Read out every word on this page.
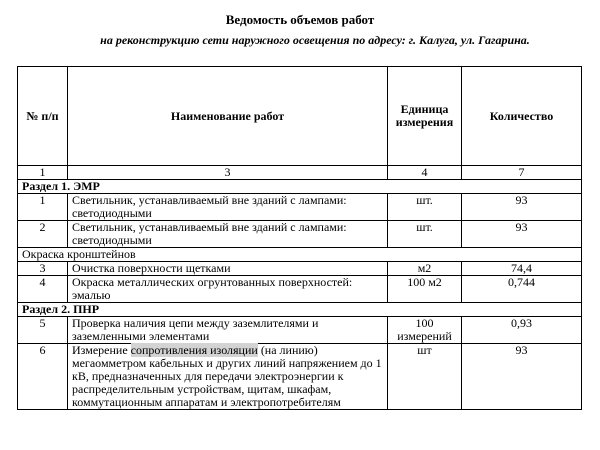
Ведомость объемов работ
на реконструкцию сети наружного освещения по адресу: г. Калуга, ул. Гагарина.
№ п/п	Наименование работ	Единица измерения	Количество
1	3	4	7
Раздел 1. ЭМР			
1	Светильник, устанавливаемый вне зданий с лампами: светодиодными	шт.	93
2	Светильник, устанавливаемый вне зданий с лампами: светодиодными	шт.	93
Окраска кронштейнов			
3	Очистка поверхности щетками	м2	74,4
4	Окраска металлических огрунтованных поверхностей: эмалью	100 м2	0,744
Раздел 2. ПНР			
5	Проверка наличия цепи между заземлителями и заземленными элементами	100 измерений	0,93
6	Измерение сопротивления изоляции (на линию) мегаомметром кабельных и других линий напряжением до 1 кВ, предназначенных для передачи электроэнергии к распределительным устройствам, щитам, шкафам, коммутационным аппаратам и электропотребителям	шт	93
